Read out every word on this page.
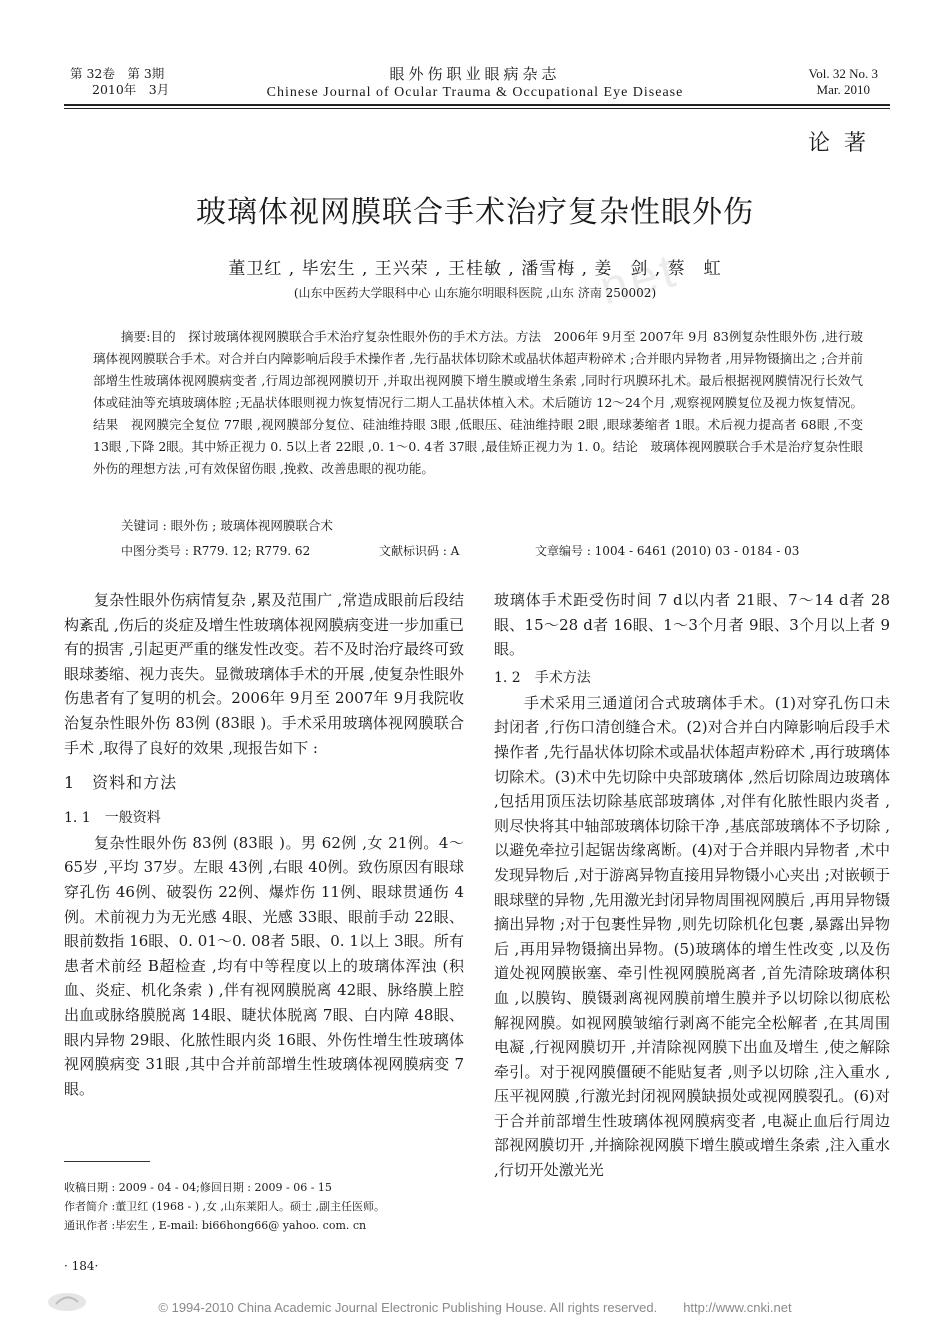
net
第 32卷　第 3期
2010年　3月
眼外伤职业眼病杂志
Chinese Journal of Ocular Trauma & Occupational Eye Disease
Vol. 32 No. 3
Mar. 2010
论著
玻璃体视网膜联合手术治疗复杂性眼外伤
董卫红 , 毕宏生 , 王兴荣 , 王桂敏 , 潘雪梅 , 姜　剑 , 蔡　虹
(山东中医药大学眼科中心 山东施尔明眼科医院 ,山东 济南 250002)
摘要:目的　探讨玻璃体视网膜联合手术治疗复杂性眼外伤的手术方法。方法　2006年 9月至 2007年 9月 83例复杂性眼外伤 ,进行玻璃体视网膜联合手术。对合并白内障影响后段手术操作者 ,先行晶状体切除术或晶状体超声粉碎术 ;合并眼内异物者 ,用异物镊摘出之 ;合并前部增生性玻璃体视网膜病变者 ,行周边部视网膜切开 ,并取出视网膜下增生膜或增生条索 ,同时行巩膜环扎术。最后根据视网膜情况行长效气体或硅油等充填玻璃体腔 ;无晶状体眼则视力恢复情况行二期人工晶状体植入术。术后随访 12～24个月 ,观察视网膜复位及视力恢复情况。结果　视网膜完全复位 77眼 ,视网膜部分复位、硅油维持眼 3眼 ,低眼压、硅油维持眼 2眼 ,眼球萎缩者 1眼。术后视力提高者 68眼 ,不变 13眼 ,下降 2眼。其中矫正视力 0. 5以上者 22眼 ,0. 1～0. 4者 37眼 ,最佳矫正视力为 1. 0。结论　玻璃体视网膜联合手术是治疗复杂性眼外伤的理想方法 ,可有效保留伤眼 ,挽救、改善患眼的视功能。
关键词 : 眼外伤 ; 玻璃体视网膜联合术
中图分类号 : R779. 12; R779. 62	文献标识码 : A	文章编号 : 1004 - 6461 (2010) 03 - 0184 - 03

复杂性眼外伤病情复杂 ,累及范围广 ,常造成眼前后段结构紊乱 ,伤后的炎症及增生性玻璃体视网膜病变进一步加重已有的损害 ,引起更严重的继发性改变。若不及时治疗最终可致眼球萎缩、视力丧失。显微玻璃体手术的开展 ,使复杂性眼外伤患者有了复明的机会。2006年 9月至 2007年 9月我院收治复杂性眼外伤 83例 (83眼 )。手术采用玻璃体视网膜联合手术 ,取得了良好的效果 ,现报告如下 :

1　资料和方法
1. 1　一般资料

复杂性眼外伤 83例 (83眼 )。男 62例 ,女 21例。4～65岁 ,平均 37岁。左眼 43例 ,右眼 40例。致伤原因有眼球穿孔伤 46例、破裂伤 22例、爆炸伤 11例、眼球贯通伤 4例。术前视力为无光感 4眼、光感 33眼、眼前手动 22眼、眼前数指 16眼、0. 01～0. 08者 5眼、0. 1以上 3眼。所有患者术前经 B超检查 ,均有中等程度以上的玻璃体浑浊 (积血、炎症、机化条索 ) ,伴有视网膜脱离 42眼、脉络膜上腔出血或脉络膜脱离 14眼、睫状体脱离 7眼、白内障 48眼、眼内异物 29眼、化脓性眼内炎 16眼、外伤性增生性玻璃体视网膜病变 31眼 ,其中合并前部增生性玻璃体视网膜病变 7眼。

玻璃体手术距受伤时间 7 d以内者 21眼、7～14 d者 28眼、15～28 d者 16眼、1～3个月者 9眼、3个月以上者 9眼。

1. 2　手术方法

手术采用三通道闭合式玻璃体手术。(1)对穿孔伤口未封闭者 ,行伤口清创缝合术。(2)对合并白内障影响后段手术操作者 ,先行晶状体切除术或晶状体超声粉碎术 ,再行玻璃体切除术。(3)术中先切除中央部玻璃体 ,然后切除周边玻璃体 ,包括用顶压法切除基底部玻璃体 ,对伴有化脓性眼内炎者 ,则尽快将其中轴部玻璃体切除干净 ,基底部玻璃体不予切除 ,以避免牵拉引起锯齿缘离断。(4)对于合并眼内异物者 ,术中发现异物后 ,对于游离异物直接用异物镊小心夹出 ;对嵌顿于眼球壁的异物 ,先用激光封闭异物周围视网膜后 ,再用异物镊摘出异物 ;对于包裹性异物 ,则先切除机化包裹 ,暴露出异物后 ,再用异物镊摘出异物。(5)玻璃体的增生性改变 ,以及伤道处视网膜嵌塞、牵引性视网膜脱离者 ,首先清除玻璃体积血 ,以膜钩、膜镊剥离视网膜前增生膜并予以切除以彻底松解视网膜。如视网膜皱缩行剥离不能完全松解者 ,在其周围电凝 ,行视网膜切开 ,并清除视网膜下出血及增生 ,使之解除牵引。对于视网膜僵硬不能贴复者 ,则予以切除 ,注入重水 ,压平视网膜 ,行激光封闭视网膜缺损处或视网膜裂孔。(6)对于合并前部增生性玻璃体视网膜病变者 ,电凝止血后行周边部视网膜切开 ,并摘除视网膜下增生膜或增生条索 ,注入重水 ,行切开处激光光

收稿日期 : 2009 - 04 - 04;修回日期 : 2009 - 06 - 15
作者简介 :董卫红 (1968 - ) ,女 ,山东莱阳人。硕士 ,副主任医师。
通讯作者 :毕宏生 , E-mail: bi66hong66@ yahoo. com. cn
· 184·
© 1994-2010 China Academic Journal Electronic Publishing House. All rights reserved.　　http://www.cnki.net
